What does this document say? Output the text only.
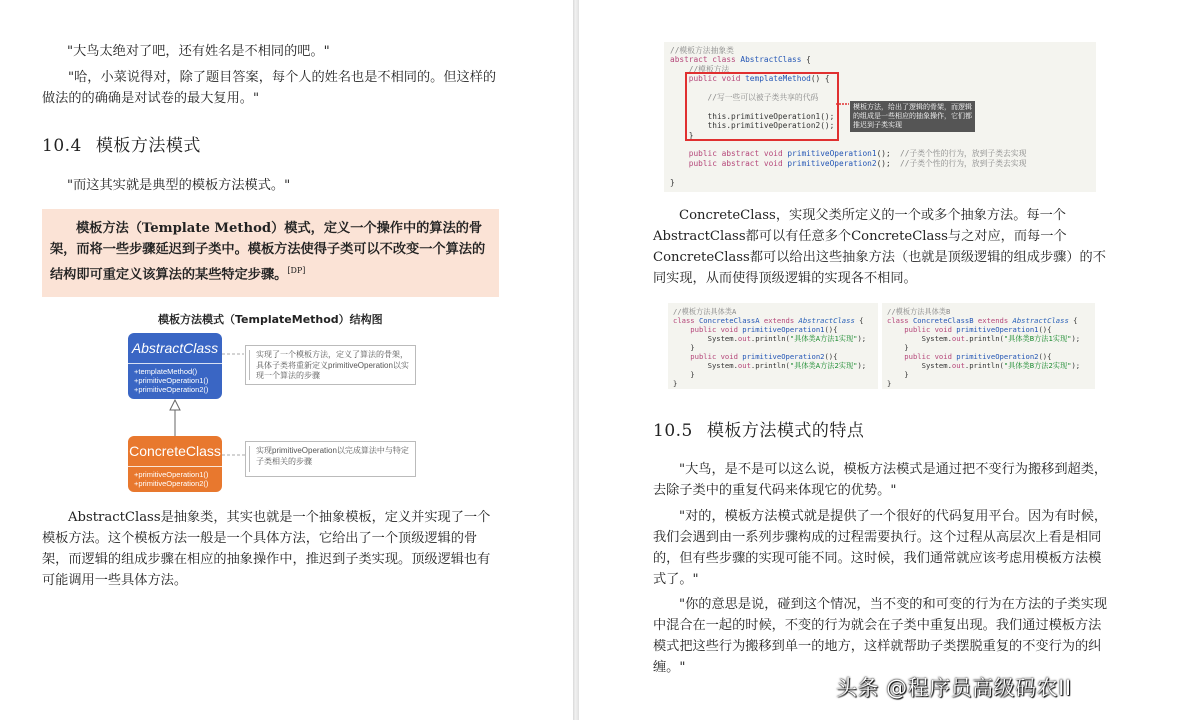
"大鸟太绝对了吧，还有姓名是不相同的吧。"

"哈，小菜说得对，除了题目答案，每个人的姓名也是不相同的。但这样的做法的的确确是对试卷的最大复用。"

10.4 模板方法模式

"而这其实就是典型的模板方法模式。"

模板方法（Template Method）模式，定义一个操作中的算法的骨架，而将一些步骤延迟到子类中。模板方法使得子类可以不改变一个算法的结构即可重定义该算法的某些特定步骤。[DP]
模板方法模式（TemplateMethod）结构图
AbstractClass
+templateMethod()
+primitiveOperation1()
+primitiveOperation2()
实现了一个模板方法，定义了算法的骨架，具体子类将重新定义primitiveOperation以实现一个算法的步骤
ConcreteClass
+primitiveOperation1()
+primitiveOperation2()
实现primitiveOperation以完成算法中与特定子类相关的步骤

AbstractClass是抽象类，其实也就是一个抽象模板，定义并实现了一个模板方法。这个模板方法一般是一个具体方法，它给出了一个顶级逻辑的骨架，而逻辑的组成步骤在相应的抽象操作中，推迟到子类实现。顶级逻辑也有可能调用一些具体方法。

//模板方法抽象类
abstract class AbstractClass {
//模板方法
public void templateMethod() {

//写一些可以被子类共享的代码

this.primitiveOperation1();
this.primitiveOperation2();
}

public abstract void primitiveOperation1();  //子类个性的行为，放到子类去实现
public abstract void primitiveOperation2();  //子类个性的行为，放到子类去实现

}
模板方法，给出了逻辑的骨架，而逻辑
的组成是一些相应的抽象操作，它们都
推迟到子类实现

ConcreteClass，实现父类所定义的一个或多个抽象方法。每一个AbstractClass都可以有任意多个ConcreteClass与之对应，而每一个ConcreteClass都可以给出这些抽象方法（也就是顶级逻辑的组成步骤）的不同实现，从而使得顶级逻辑的实现各不相同。

//模板方法具体类A
class ConcreteClassA extends AbstractClass {
public void primitiveOperation1(){
System.out.println("具体类A方法1实现");
}
public void primitiveOperation2(){
System.out.println("具体类A方法2实现");
}
}
//模板方法具体类B
class ConcreteClassB extends AbstractClass {
public void primitiveOperation1(){
System.out.println("具体类B方法1实现");
}
public void primitiveOperation2(){
System.out.println("具体类B方法2实现");
}
}
10.5 模板方法模式的特点

"大鸟，是不是可以这么说，模板方法模式是通过把不变行为搬移到超类，去除子类中的重复代码来体现它的优势。"

"对的，模板方法模式就是提供了一个很好的代码复用平台。因为有时候，我们会遇到由一系列步骤构成的过程需要执行。这个过程从高层次上看是相同的，但有些步骤的实现可能不同。这时候，我们通常就应该考虑用模板方法模式了。"

"你的意思是说，碰到这个情况，当不变的和可变的行为在方法的子类实现中混合在一起的时候，不变的行为就会在子类中重复出现。我们通过模板方法模式把这些行为搬移到单一的地方，这样就帮助子类摆脱重复的不变行为的纠缠。"

头条 @程序员高级码农II
